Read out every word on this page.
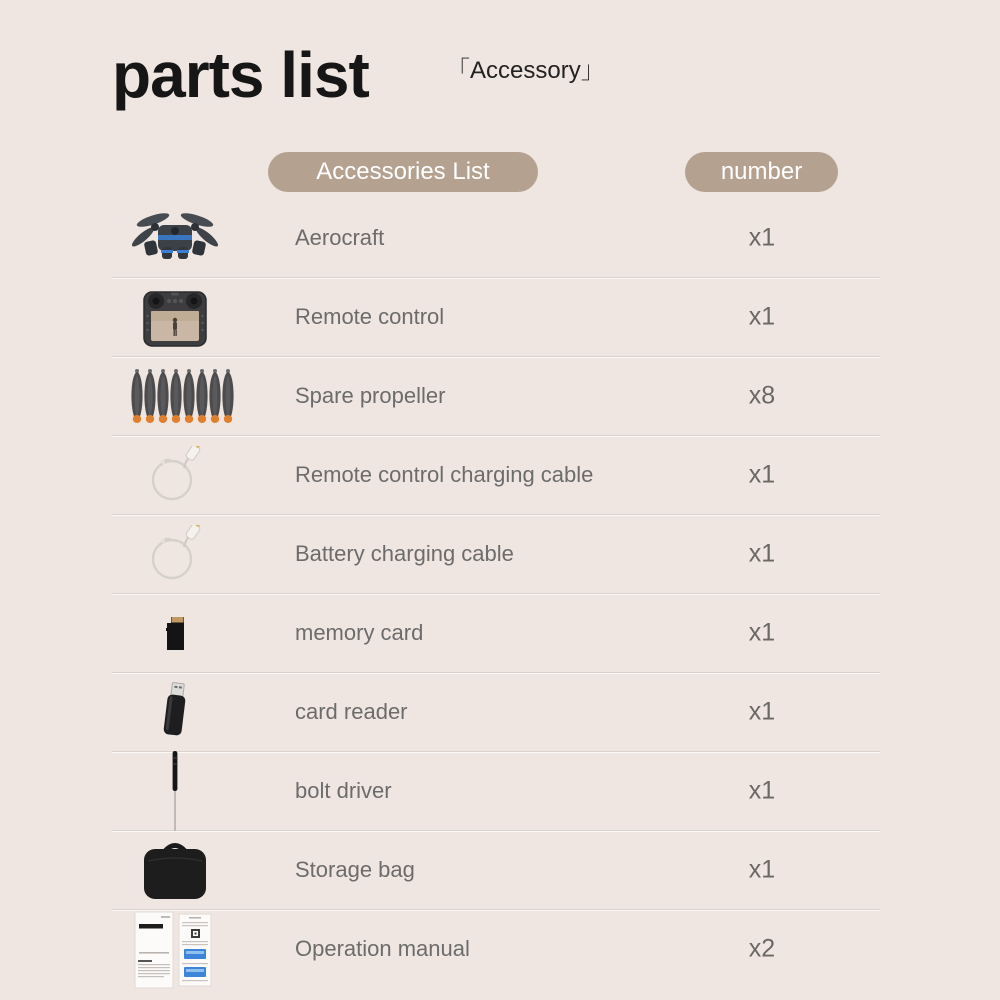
parts list	「Accessory」
Accessories List	number
Aerocraft	x1
Remote control	x1
Spare propeller	x8
Remote control charging cable	x1
Battery charging cable	x1
memory card	x1
card reader	x1
bolt driver	x1
Storage bag	x1
Operation manual	x2
